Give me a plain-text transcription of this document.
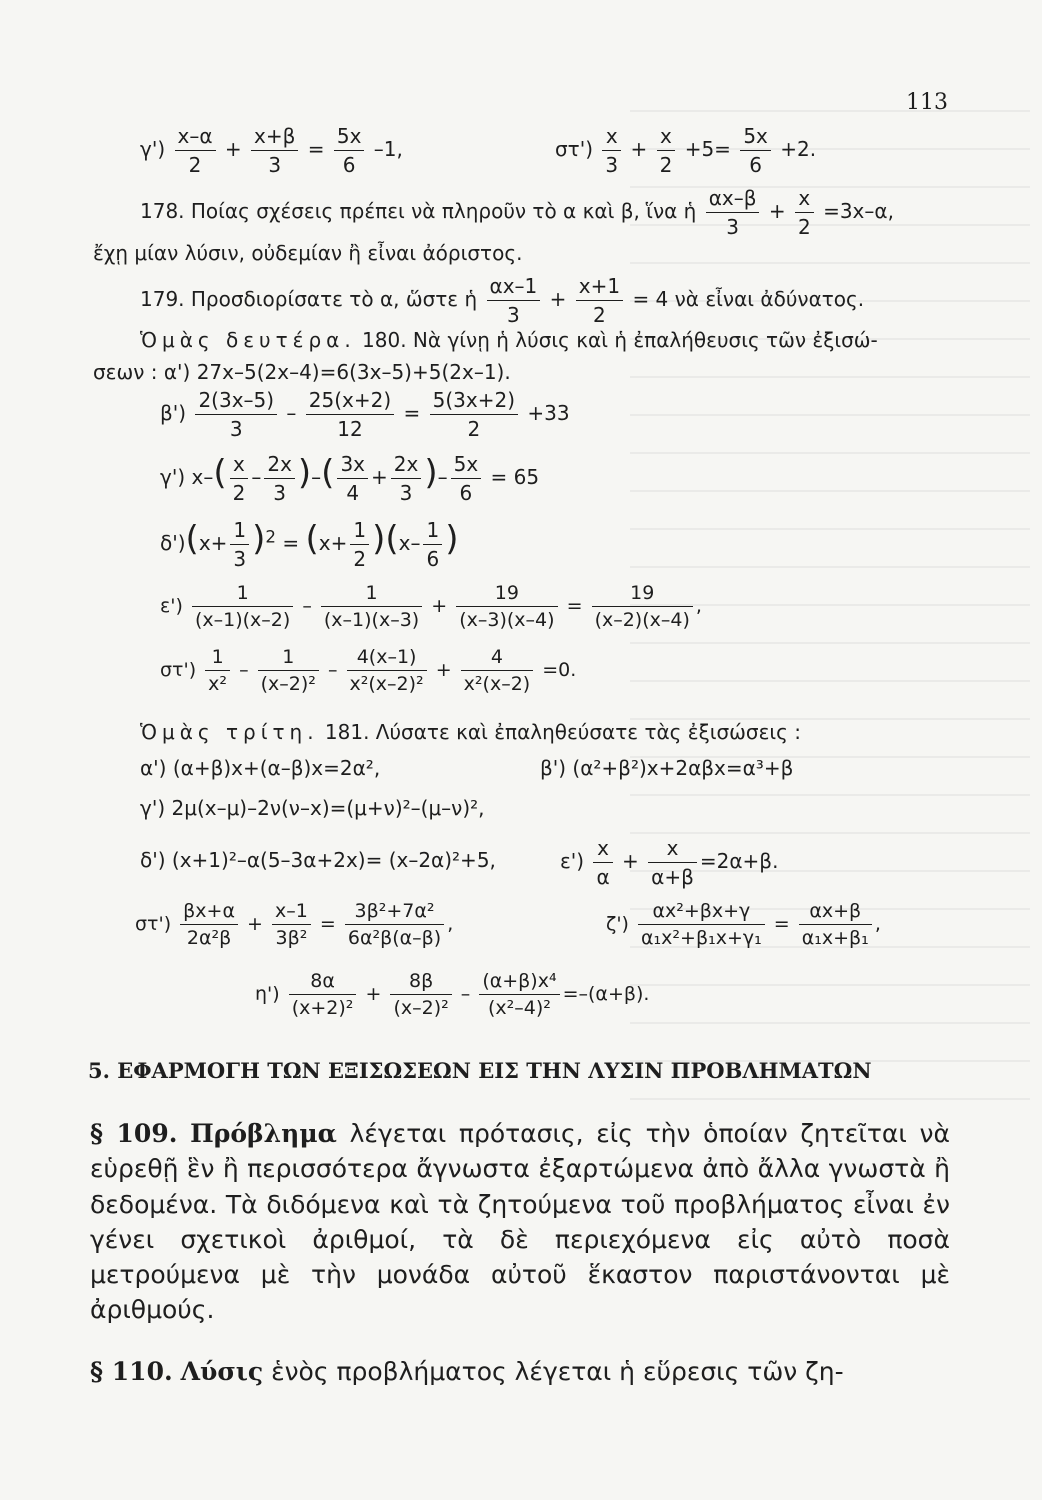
113
$\gamma') \frac{x-\alpha}{2} + \frac{x+\beta}{3} = \frac{5x}{6} -1$,	$\sigma\tau') \frac{x}{3} + \frac{x}{2} +5= \frac{5x}{6} +2$.
178. Ποίας σχέσεις πρέπει νὰ πληροῦν τὸ α καὶ β, ἵνα ἡ $\frac{\alpha x-\beta}{3} + \frac{x}{2} =3x-\alpha$,
ἔχῃ μίαν λύσιν, οὐδεμίαν ἢ εἶναι ἀόριστος.
179. Προσδιορίσατε τὸ α, ὥστε ἡ $\frac{\alpha x-1}{3} + \frac{x+1}{2} = 4$ νὰ εἶναι ἀδύνατος.
Ὁμὰς δευτέρα. 180. Νὰ γίνῃ ἡ λύσις καὶ ἡ ἐπαλήθευσις τῶν ἐξισώ-
σεων : α') 27x–5(2x–4)=6(3x–5)+5(2x–1).
$\beta') \frac{2(3x-5)}{3} - \frac{25(x+2)}{12} = \frac{5(3x+2)}{2} +33$
γ') $x-( \frac{x}{2} - \frac{2x}{3}$ )–( $\frac{3x}{4} + \frac{2x}{3}$ )– $\frac{5x}{6} = 65$
$\delta')(x+ \frac{1}{3} )^2 = (x+ \frac{1}{2} )(x- \frac{1}{6}$ )
$\varepsilon') \frac{1}{(x-1)(x-2)} - \frac{1}{(x-1)(x-3)} + \frac{19}{(x-3)(x-4)} = \frac{19}{(x-2)(x-4)}$ ,
$\sigma\tau') \frac{1}{\text{x²}} - \frac{1}{\text{(x–2)²}} - \frac{4(x-1)}{\text{x²(x–2)²}} + \frac{4}{\text{x²(x–2)}} =0$.
Ὁμὰς τρίτη. 181. Λύσατε καὶ ἐπαληθεύσατε τὰς ἐξισώσεις :
α') (α+β)x+(α–β)x=2α²,	β') (α²+β²)x+2αβx=α³+β
γ') 2μ(x–μ)–2ν(ν–x)=(μ+ν)²–(μ–ν)²,
δ') (x+1)²–α(5–3α+2x)= (x–2α)²+5,	$\varepsilon') \frac{x}{\alpha} + \frac{x}{\alpha+\beta} =2\alpha+\beta$.
$\sigma\tau') \frac{\beta x+\alpha}{\text{2α²β}} + \frac{x-1}{\text{3β²}} = \frac{\text{3β²+7α²}}{\text{6α²β(α–β)}}$ ,	$\zeta') \frac{\text{αx²+βx+γ}}{\text{α₁x²+β₁x+γ₁}} = \frac{\alpha x+\beta}{\text{α₁x+β₁}}$ ,
$\eta') \frac{8\alpha}{\text{(x+2)²}} + \frac{8\beta}{\text{(x–2)²}} - \frac{\text{(α+β)x⁴}}{\text{(x²–4)²}} =-(\alpha+\beta)$.
5. ΕΦΑΡΜΟΓΗ ΤΩΝ ΕΞΙΣΩΣΕΩΝ ΕΙΣ ΤΗΝ ΛΥΣΙΝ ΠΡΟΒΛΗΜΑΤΩΝ
§ 109. Πρόβλημα λέγεται πρότασις, εἰς τὴν ὁποίαν ζητεῖται νὰ εὑρεθῇ ἓν ἢ περισσότερα ἄγνωστα ἐξαρτώμενα ἀπὸ ἄλλα γνωστὰ ἢ δεδομένα. Τὰ διδόμενα καὶ τὰ ζητούμενα τοῦ προβλήματος εἶναι ἐν γένει σχετικοὶ ἀριθμοί, τὰ δὲ περιεχόμενα εἰς αὐτὸ ποσὰ μετρούμενα μὲ τὴν μονάδα αὐτοῦ ἕκαστον παριστάνονται μὲ ἀριθμούς.
§ 110. Λύσις ἑνὸς προβλήματος λέγεται ἡ εὕρεσις τῶν ζη-
